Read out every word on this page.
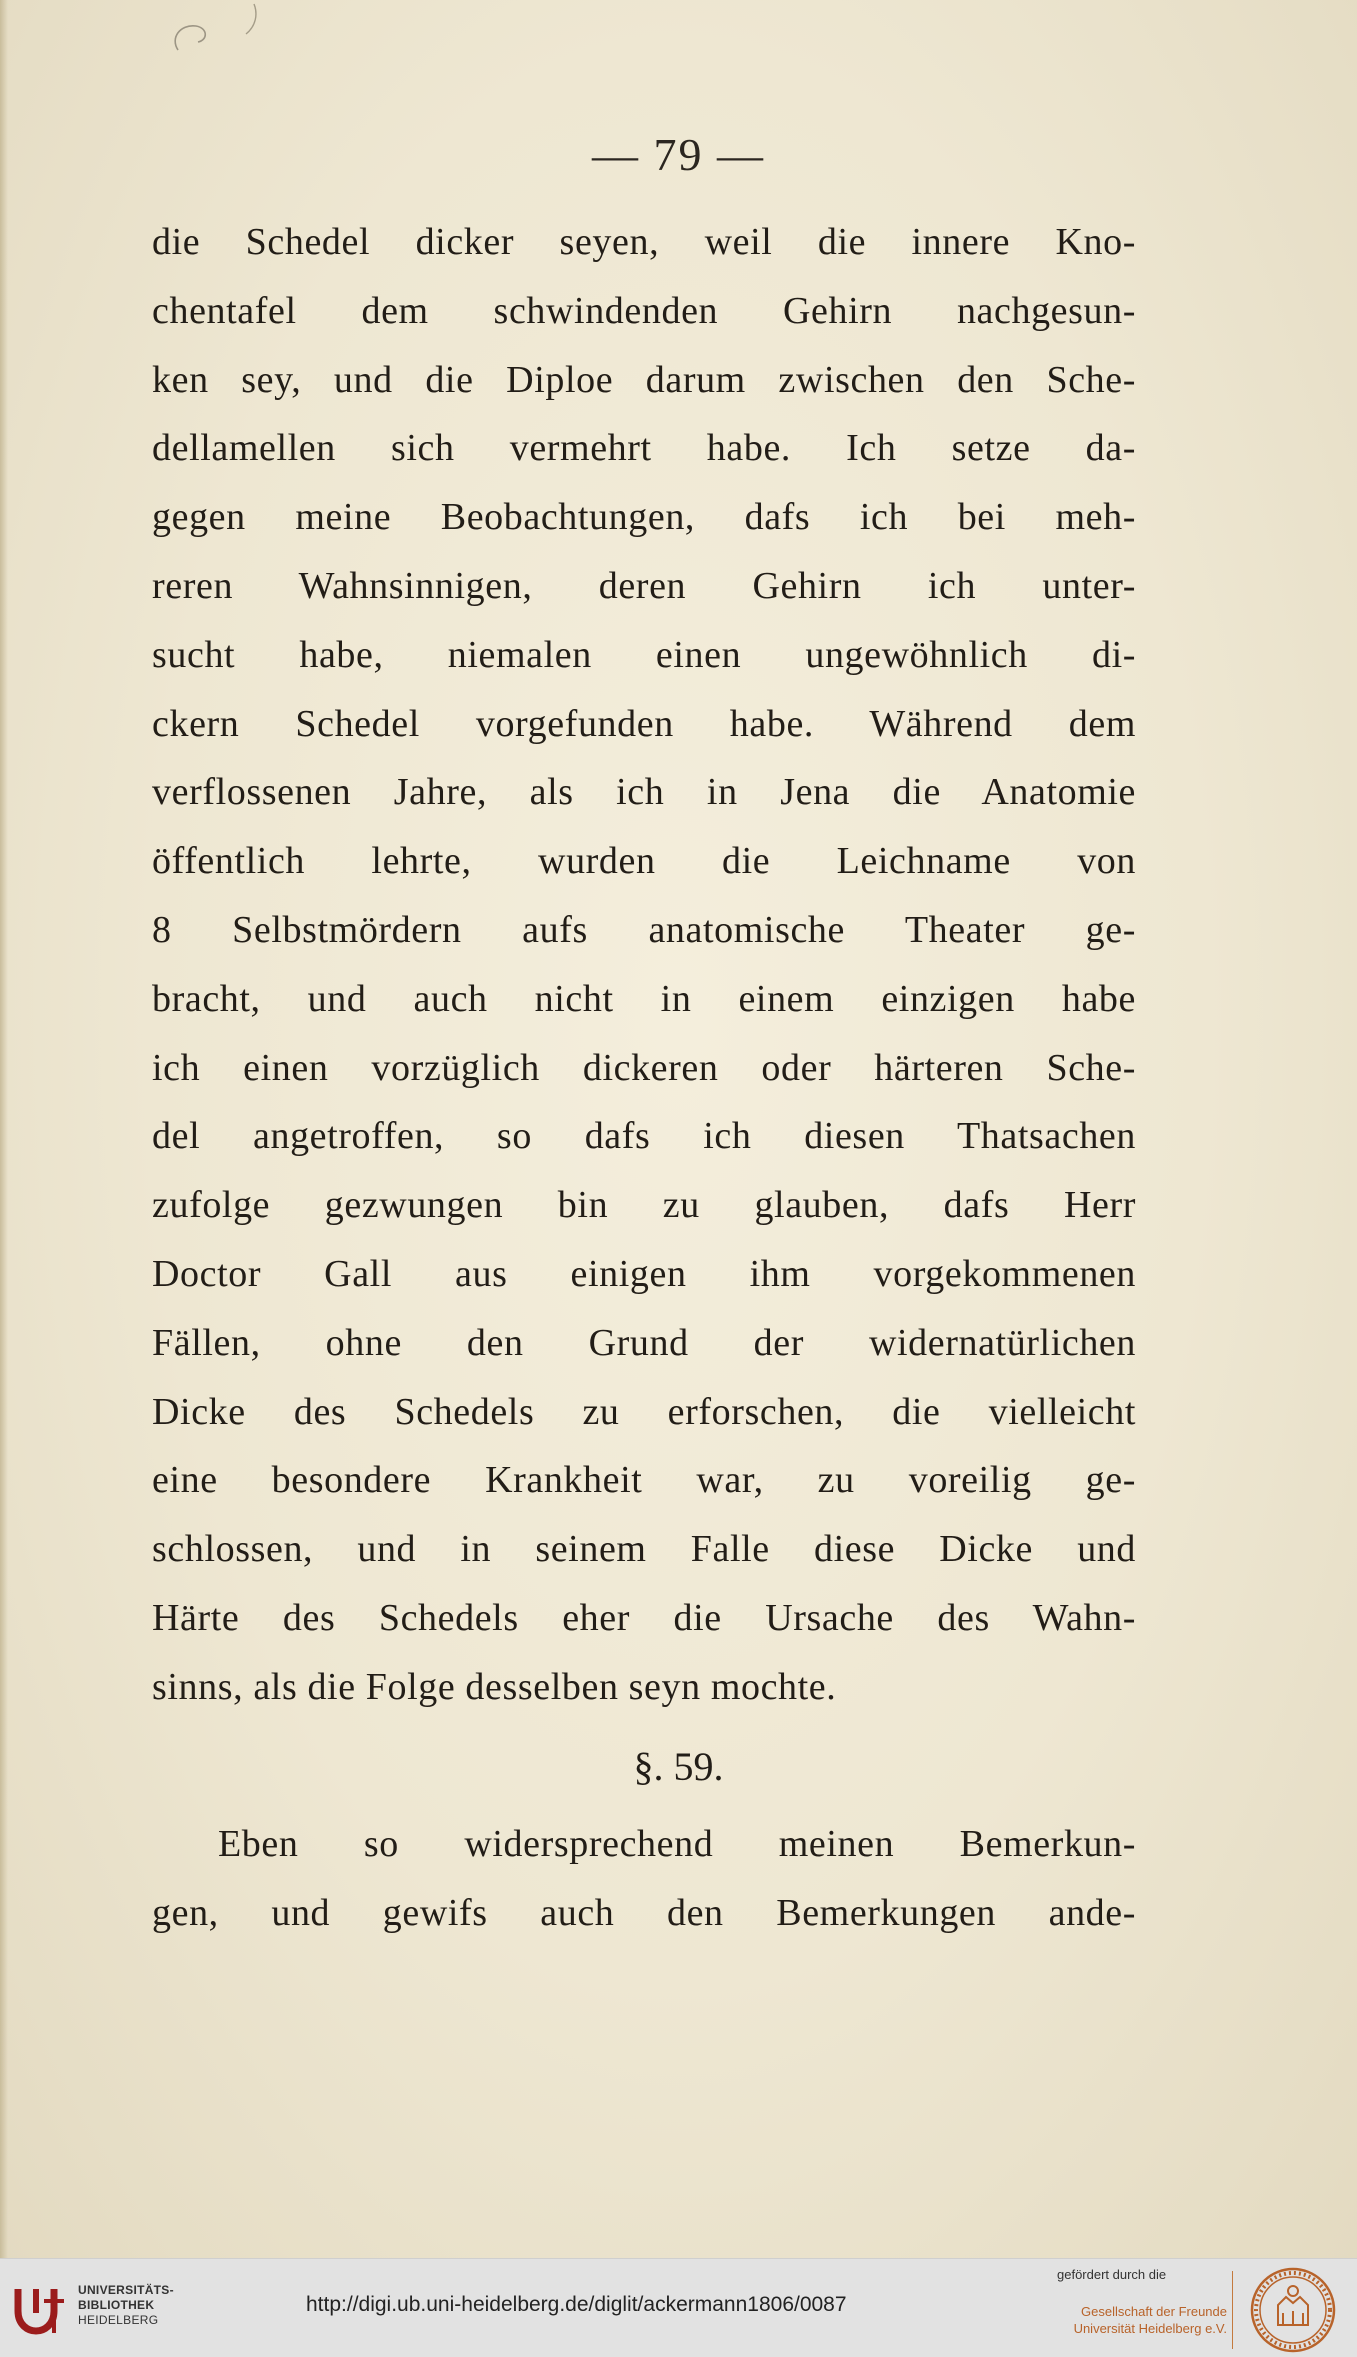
— 79 —
die Schedel dicker seyen, weil die innere Kno-
chentafel dem schwindenden Gehirn nachgesun-
ken sey, und die Diploe darum zwischen den Sche-
dellamellen sich vermehrt habe. Ich setze da-
gegen meine Beobachtungen, dafs ich bei meh-
reren Wahnsinnigen, deren Gehirn ich unter-
sucht habe, niemalen einen ungewöhnlich di-
ckern Schedel vorgefunden habe. Während dem
verflossenen Jahre, als ich in Jena die Anatomie
öffentlich lehrte, wurden die Leichname von
8 Selbstmördern aufs anatomische Theater ge-
bracht, und auch nicht in einem einzigen habe
ich einen vorzüglich dickeren oder härteren Sche-
del angetroffen, so dafs ich diesen Thatsachen
zufolge gezwungen bin zu glauben, dafs Herr
Doctor Gall aus einigen ihm vorgekommenen
Fällen, ohne den Grund der widernatürlichen
Dicke des Schedels zu erforschen, die vielleicht
eine besondere Krankheit war, zu voreilig ge-
schlossen, und in seinem Falle diese Dicke und
Härte des Schedels eher die Ursache des Wahn-
sinns, als die Folge desselben seyn mochte.
§. 59.
Eben so widersprechend meinen Bemerkun-
gen, und gewifs auch den Bemerkungen ande-
UNIVERSITÄTS-
BIBLIOTHEK
HEIDELBERG
http://digi.ub.uni-heidelberg.de/diglit/ackermann1806/0087
gefördert durch die
Gesellschaft der Freunde
Universität Heidelberg e.V.
